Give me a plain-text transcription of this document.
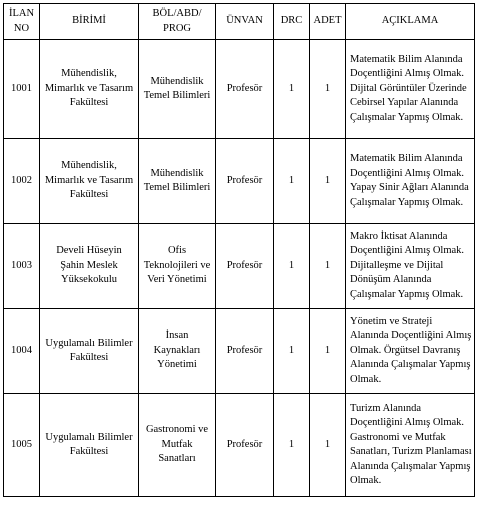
İLAN NO	BİRİMİ	BÖL/ABD/ PROG	ÜNVAN	DRC	ADET	AÇIKLAMA
1001	Mühendislik, Mimarlık ve Tasarım Fakültesi	Mühendislik Temel Bilimleri	Profesör	1	1	Matematik Bilim Alanında Doçentliğini Almış Olmak. Dijital Görüntüler Üzerinde Cebirsel Yapılar Alanında Çalışmalar Yapmış Olmak.
1002	Mühendislik, Mimarlık ve Tasarım Fakültesi	Mühendislik Temel Bilimleri	Profesör	1	1	Matematik Bilim Alanında Doçentliğini Almış Olmak. Yapay Sinir Ağları Alanında Çalışmalar Yapmış Olmak.
1003	Develi Hüseyin Şahin Meslek Yüksekokulu	Ofis Teknolojileri ve Veri Yönetimi	Profesör	1	1	Makro İktisat Alanında Doçentliğini Almış Olmak. Dijitalleşme ve Dijital Dönüşüm Alanında Çalışmalar Yapmış Olmak.
1004	Uygulamalı Bilimler Fakültesi	İnsan Kaynakları Yönetimi	Profesör	1	1	Yönetim ve Strateji Alanında Doçentliğini Almış Olmak. Örgütsel Davranış Alanında Çalışmalar Yapmış Olmak.
1005	Uygulamalı Bilimler Fakültesi	Gastronomi ve Mutfak Sanatları	Profesör	1	1	Turizm Alanında Doçentliğini Almış Olmak. Gastronomi ve Mutfak Sanatları, Turizm Planlaması Alanında Çalışmalar Yapmış Olmak.
